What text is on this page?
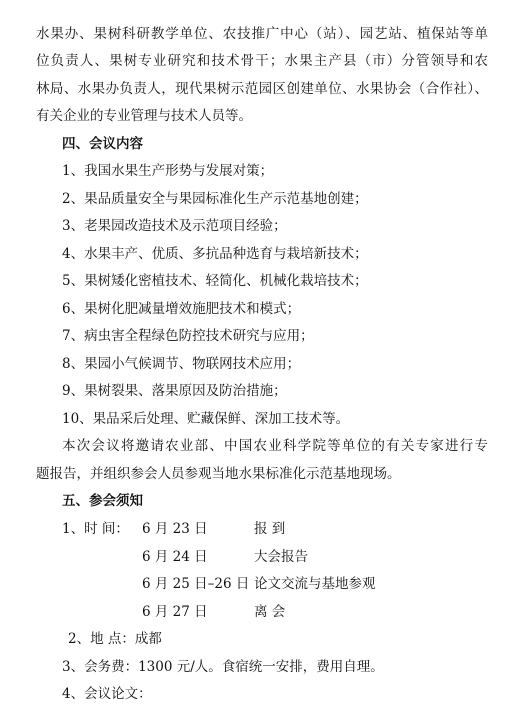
水果办、果树科研教学单位、农技推广中心（站）、园艺站、植保站等单
位负责人、果树专业研究和技术骨干；水果主产县（市）分管领导和农
林局、水果办负责人，现代果树示范园区创建单位、水果协会（合作社）、
有关企业的专业管理与技术人员等。
四、会议内容
1、我国水果生产形势与发展对策；
2、果品质量安全与果园标准化生产示范基地创建；
3、老果园改造技术及示范项目经验；
4、水果丰产、优质、多抗品种选育与栽培新技术；
5、果树矮化密植技术、轻简化、机械化栽培技术；
6、果树化肥减量增效施肥技术和模式；
7、病虫害全程绿色防控技术研究与应用；
8、果园小气候调节、物联网技术应用；
9、果树裂果、落果原因及防治措施；
10、果品采后处理、贮藏保鲜、深加工技术等。
本次会议将邀请农业部、中国农业科学院等单位的有关专家进行专
题报告，并组织参会人员参观当地水果标准化示范基地现场。
五、参会须知
1、时 间： 6 月 23 日	报 到
6 月 24 日	大会报告
6 月 25 日–26 日 论文交流与基地参观
6 月 27 日	离 会
2、地 点：成都
3、会务费：1300 元/人。食宿统一安排，费用自理。
4、会议论文：
